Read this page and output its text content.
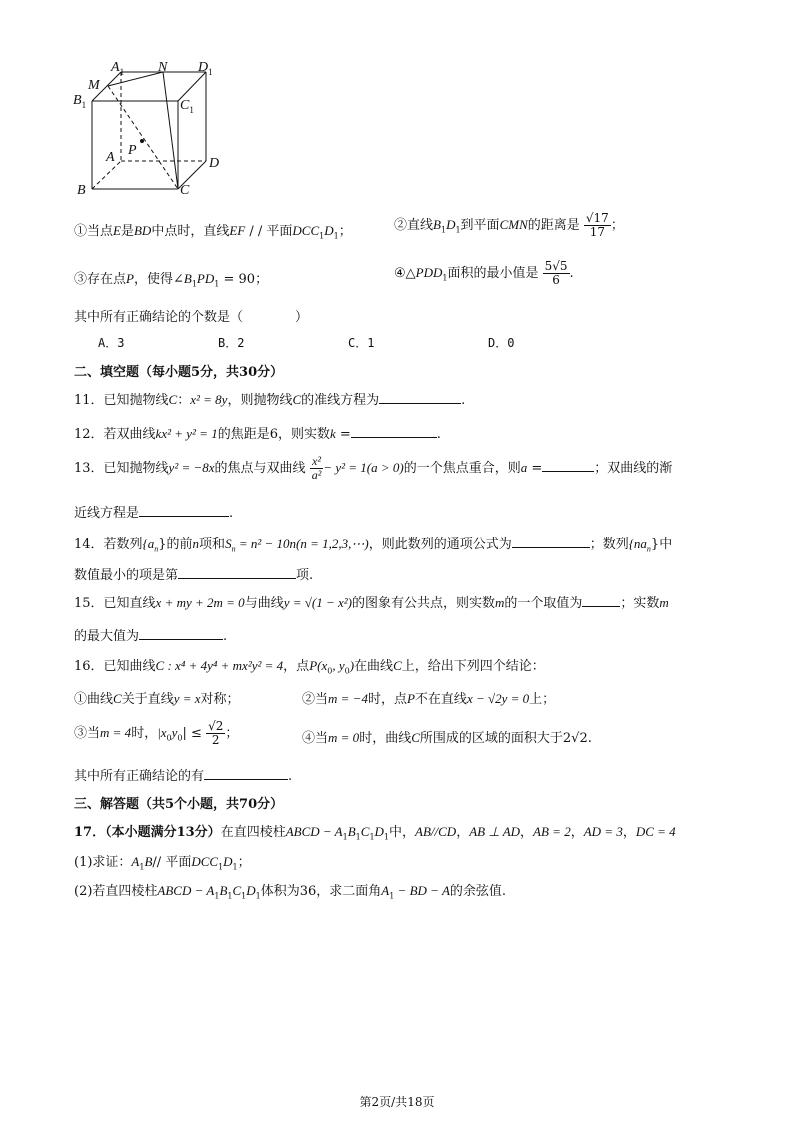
$A_1$ N $D_1$
M
$B_1$	$C_1$
P
A	D
B	C
①当点E是BD中点时，直线EF / / 平面$DCC_1D_1$；	②直线$B_1D_1$到平面CMN的距离是 $\frac{√17}{17}$ ；
③存在点P，使得$\angle B_1PD_1 = 90$；	$④\triangle PDD_1$面积的最小值是 $\frac{5√5}{6}$ .
其中所有正确结论的个数是（　　　　）
A．3	B．2	C．1	D．0
二、填空题（每小题5分，共30分）
11．已知抛物线C：x² = 8y，则抛物线C的准线方程为	.
12．若双曲线kx² + y² = 1的焦距是6，则实数k =	.
13．已知抛物线y² = −8x的焦点与双曲线 $\frac{\text{x²}}{\text{a²}} - y^2 = 1(a > 0)$的一个焦点重合，则a =	；双曲线的渐
近线方程是	.
14．若数列$\{a_n\}$的前n项和$S_n = n^2 - 10n(n$ = 1,2,3,⋯)，则此数列的通项公式为	；数列$\{na_n\}$中
数值最小的项是第	项.
15．已知直线x + my + 2m = 0与曲线y = √(1 − x²)的图象有公共点，则实数m的一个取值为	；实数m
的最大值为	.
16．已知曲线C : x⁴ + 4y⁴ + mx²y² = 4，点$P(x_0$, $y_0$)在曲线C上，给出下列四个结论：
①曲线C关于直线y = x对称；	②当m = −4时，点P不在直线x − √2y = 0上；
③当m = 4时，$|x_0y_0| \le \frac{√2}{2}$ ；	④当m = 0时，曲线C所围成的区域的面积大于2√2.
其中所有正确结论的有	.
三、解答题（共5个小题，共70分）
17．（本小题满分13分）在直四棱柱ABCD − $A_1B_1C_1D_1$中，AB//CD，AB ⊥ AD，AB = 2，AD = 3，DC = 4
(1)求证：$A_1B//$ 平面$DCC_1D_1$；
(2)若直四棱柱ABCD − $A_1B_1C_1D_1$体积为36，求二面角$A_1$ − BD − A的余弦值.
第2页/共18页
